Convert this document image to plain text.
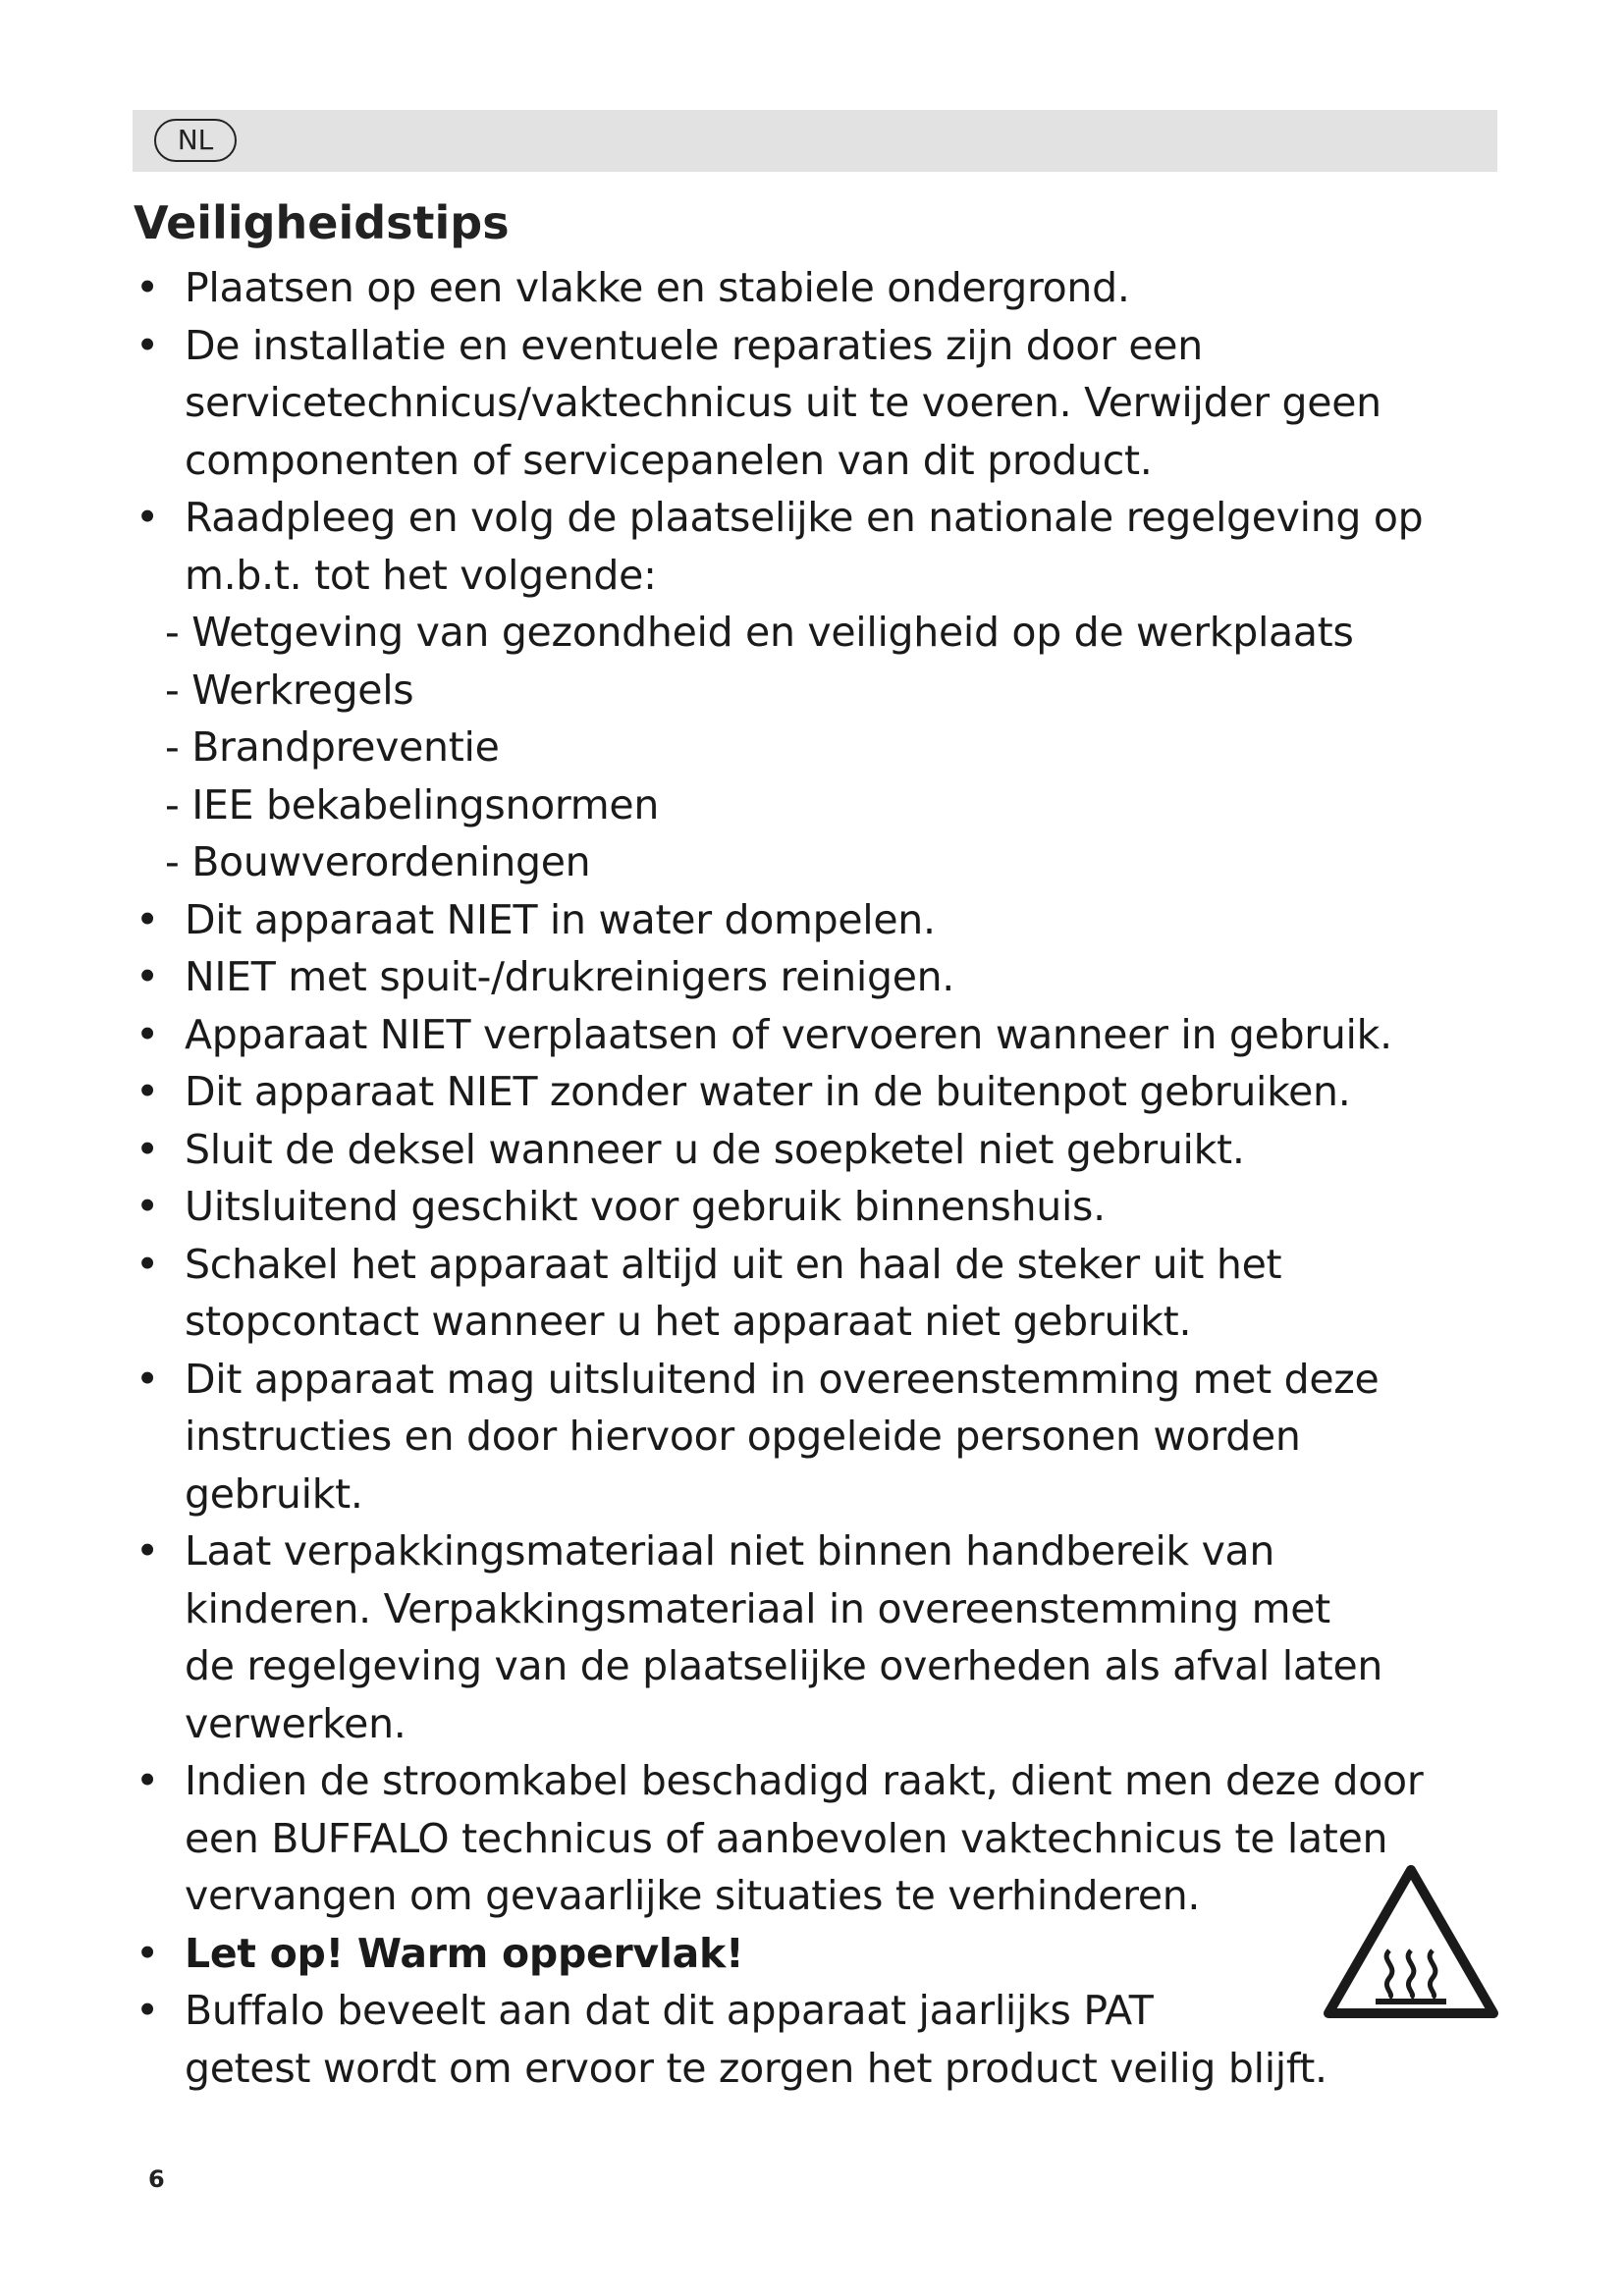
NL
Veiligheidstips
• Plaatsen op een vlakke en stabiele ondergrond.
• De installatie en eventuele reparaties zijn door een
servicetechnicus/vaktechnicus uit te voeren. Verwijder geen
componenten of servicepanelen van dit product.
• Raadpleeg en volg de plaatselijke en nationale regelgeving op
m.b.t. tot het volgende:
- Wetgeving van gezondheid en veiligheid op de werkplaats
- Werkregels
- Brandpreventie
- IEE bekabelingsnormen
- Bouwverordeningen
• Dit apparaat NIET in water dompelen.
• NIET met spuit-/drukreinigers reinigen.
• Apparaat NIET verplaatsen of vervoeren wanneer in gebruik.
• Dit apparaat NIET zonder water in de buitenpot gebruiken.
• Sluit de deksel wanneer u de soepketel niet gebruikt.
• Uitsluitend geschikt voor gebruik binnenshuis.
• Schakel het apparaat altijd uit en haal de steker uit het
stopcontact wanneer u het apparaat niet gebruikt.
• Dit apparaat mag uitsluitend in overeenstemming met deze
instructies en door hiervoor opgeleide personen worden
gebruikt.
• Laat verpakkingsmateriaal niet binnen handbereik van
kinderen. Verpakkingsmateriaal in overeenstemming met
de regelgeving van de plaatselijke overheden als afval laten
verwerken.
• Indien de stroomkabel beschadigd raakt, dient men deze door
een BUFFALO technicus of aanbevolen vaktechnicus te laten
vervangen om gevaarlijke situaties te verhinderen.
• Let op! Warm oppervlak!
• Buffalo beveelt aan dat dit apparaat jaarlijks PAT
getest wordt om ervoor te zorgen het product veilig blijft.
6
